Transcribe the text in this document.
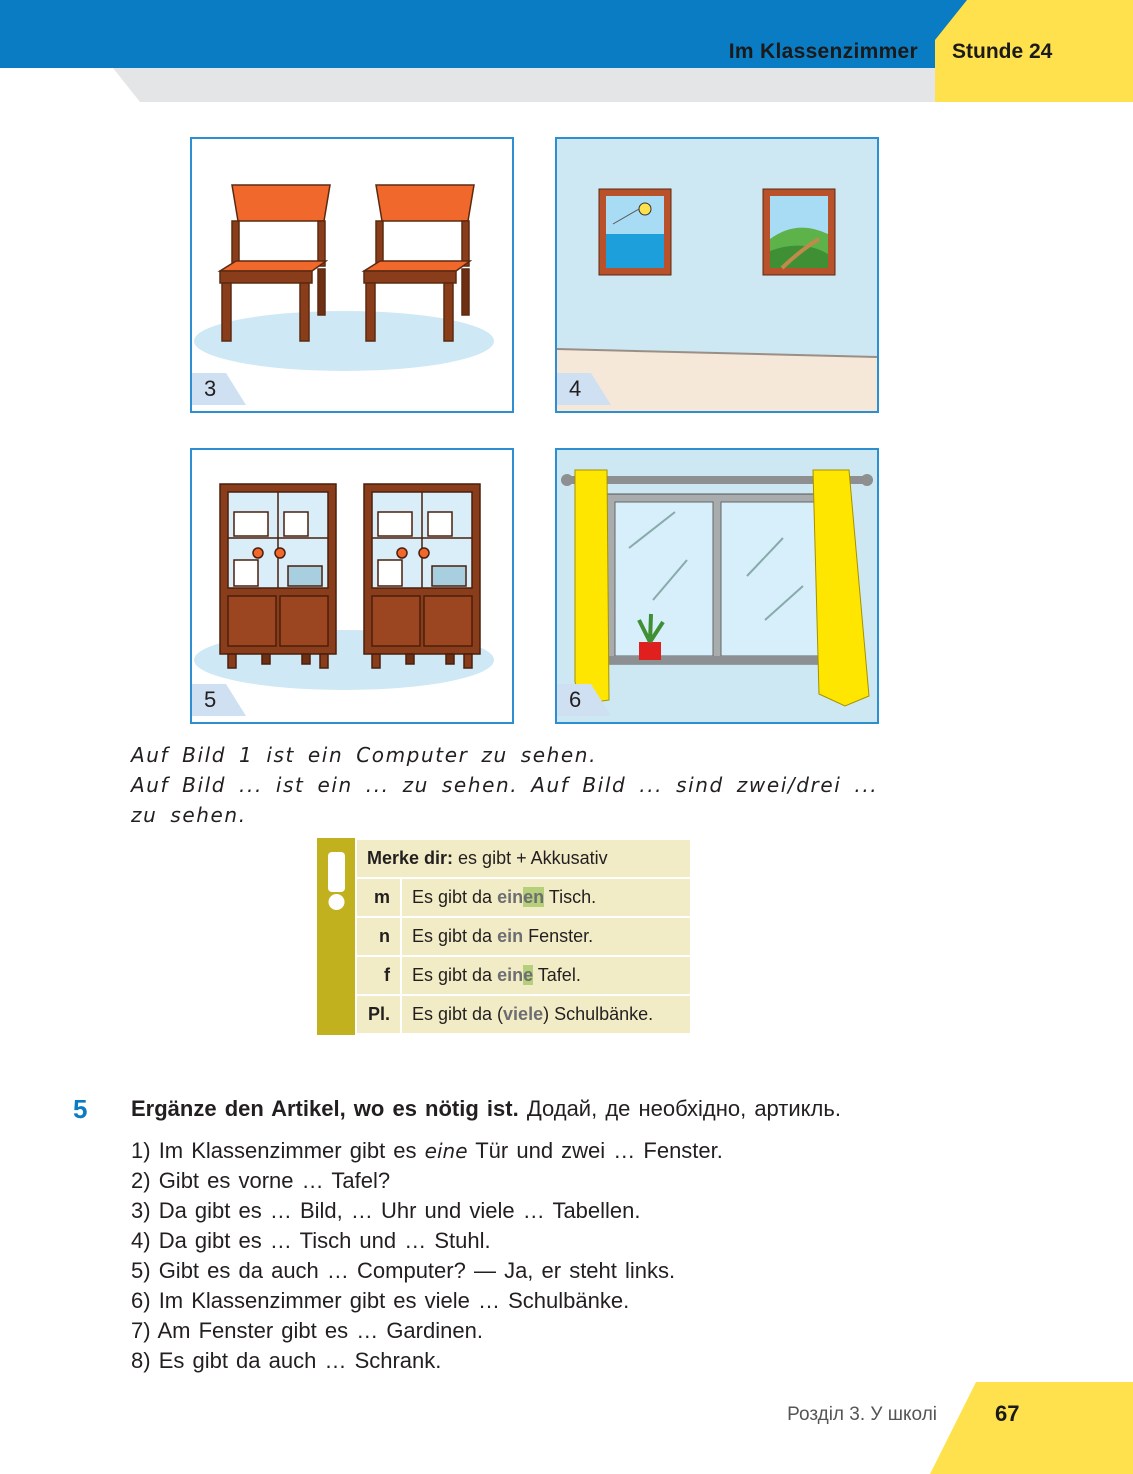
Im Klassenzimmer Stunde 24
3	4
5	6
Auf Bild 1 ist ein Computer zu sehen.
Auf Bild ... ist ein ... zu sehen. Auf Bild ... sind zwei/drei ...
zu sehen.
Merke dir: es gibt + Akkusativ	
m	Es gibt da einen Tisch.
n	Es gibt da ein Fenster.
f	Es gibt da eine Tafel.
Pl.	Es gibt da (viele) Schulbänke.
5 Ergänze den Artikel, wo es nötig ist. Додай, де необхідно, артикль.
1) Im Klassenzimmer gibt es eine Tür und zwei … Fenster.
2) Gibt es vorne … Tafel?
3) Da gibt es … Bild, … Uhr und viele … Tabellen.
4) Da gibt es … Tisch und … Stuhl.
5) Gibt es da auch … Computer? — Ja, er steht links.
6) Im Klassenzimmer gibt es viele … Schulbänke.
7) Am Fenster gibt es … Gardinen.
8) Es gibt da auch … Schrank.
Розділ 3. У школі	67
